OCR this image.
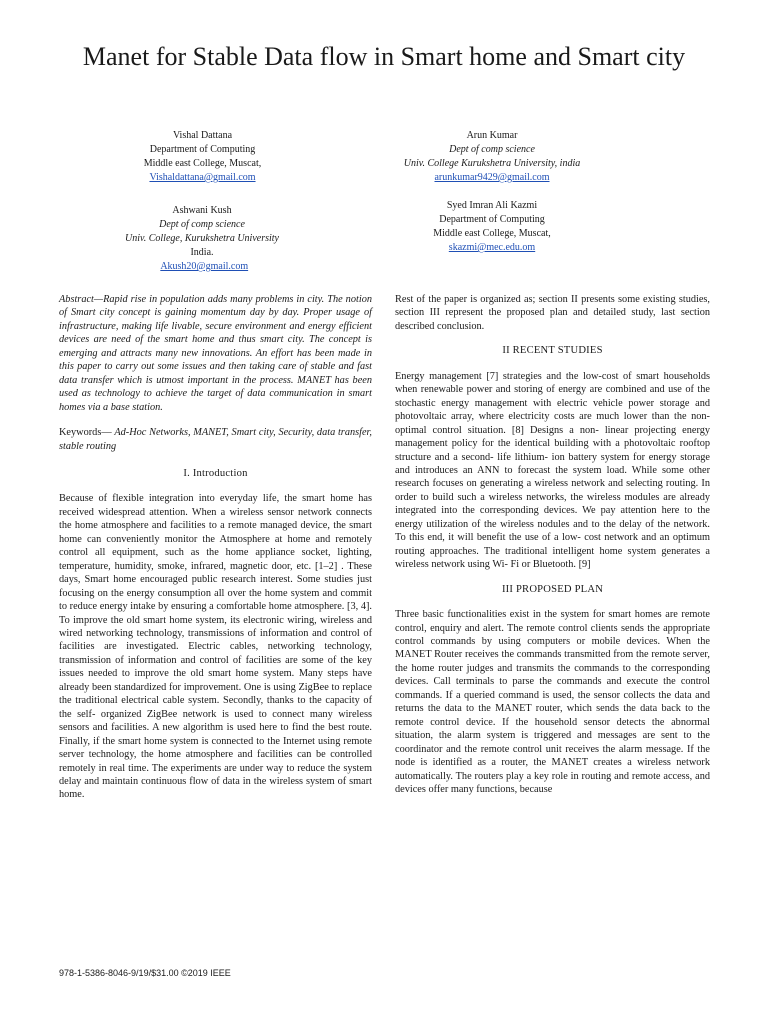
Manet for Stable Data flow in Smart home and Smart city
Vishal Dattana
Department of Computing
Middle east College, Muscat,
Vishaldattana@gmail.com
Arun Kumar
Dept of comp science
Univ. College Kurukshetra University, india
arunkumar9429@gmail.com
Ashwani Kush
Dept of comp science
Univ. College, Kurukshetra University
India.
Akush20@gmail.com
Syed Imran Ali Kazmi
Department of Computing
Middle east College, Muscat,
skazmi@mec.edu.om

Abstract—Rapid rise in population adds many problems in city. The notion of Smart city concept is gaining momentum day by day. Proper usage of infrastructure, making life livable, secure environment and energy efficient devices are need of the smart home and thus smart city. The concept is emerging and attracts many new innovations. An effort has been made in this paper to carry out some issues and then taking care of stable and fast data transfer which is utmost important in the process. MANET has been used as technology to achieve the target of data communication in smart homes via a base station.

Keywords— Ad-Hoc Networks, MANET, Smart city, Security, data transfer, stable routing

I. Introduction

Because of flexible integration into everyday life, the smart home has received widespread attention. When a wireless sensor network connects the home atmosphere and facilities to a remote managed device, the smart home can conveniently monitor the Atmosphere at home and remotely control all equipment, such as the home appliance socket, lighting, temperature, humidity, smoke, infrared, magnetic door, etc. [1–2] . These days, Smart home encouraged public research interest. Some studies just focusing on the energy consumption all over the home system and commit to reduce energy intake by ensuring a comfortable home atmosphere. [3, 4]. To improve the old smart home system, its electronic wiring, wireless and wired networking technology, transmissions of information and control of facilities are investigated. Electric cables, networking technology, transmission of information and control of facilities are some of the key issues needed to improve the old smart home system. Many steps have already been standardized for improvement. One is using ZigBee to replace the traditional electrical cable system. Secondly, thanks to the capacity of the self- organized ZigBee network is used to connect many wireless sensors and facilities. A new algorithm is used here to find the best route. Finally, if the smart home system is connected to the Internet using remote server technology, the home atmosphere and facilities can be controlled remotely in real time. The experiments are under way to reduce the system delay and maintain continuous flow of data in the wireless system of smart home.

Rest of the paper is organized as; section II presents some existing studies, section III represent the proposed plan and detailed study, last section described conclusion.

II RECENT STUDIES

Energy management [7] strategies and the low-cost of smart households when renewable power and storing of energy are combined and use of the stochastic energy management with electric vehicle power storage and photovoltaic array, where electricity costs are much lower than the non- optimal control situation. [8] Designs a non- linear projecting energy management policy for the identical building with a photovoltaic rooftop structure and a second- life lithium- ion battery system for energy storage and introduces an ANN to forecast the system load. While some other research focuses on generating a wireless network and selecting routing. In order to build such a wireless networks, the wireless modules are already integrated into the corresponding devices. We pay attention here to the energy utilization of the wireless nodules and to the delay of the network. To this end, it will benefit the use of a low- cost network and an optimum routing approaches. The traditional intelligent home system generates a wireless network using Wi- Fi or Bluetooth. [9]

III PROPOSED PLAN

Three basic functionalities exist in the system for smart homes are remote control, enquiry and alert. The remote control clients sends the appropriate control commands by using computers or mobile devices. When the MANET Router receives the commands transmitted from the remote server, the home router judges and transmits the commands to the corresponding devices. Call terminals to parse the commands and execute the control commands. If a queried command is used, the sensor collects the data and returns the data to the MANET router, which sends the data back to the remote control device. If the household sensor detects the abnormal situation, the alarm system is triggered and messages are sent to the coordinator and the remote control unit receives the alarm message. If the node is identified as a router, the MANET creates a wireless network automatically. The routers play a key role in routing and remote access, and devices offer many functions, because

978-1-5386-8046-9/19/$31.00 ©2019 IEEE
